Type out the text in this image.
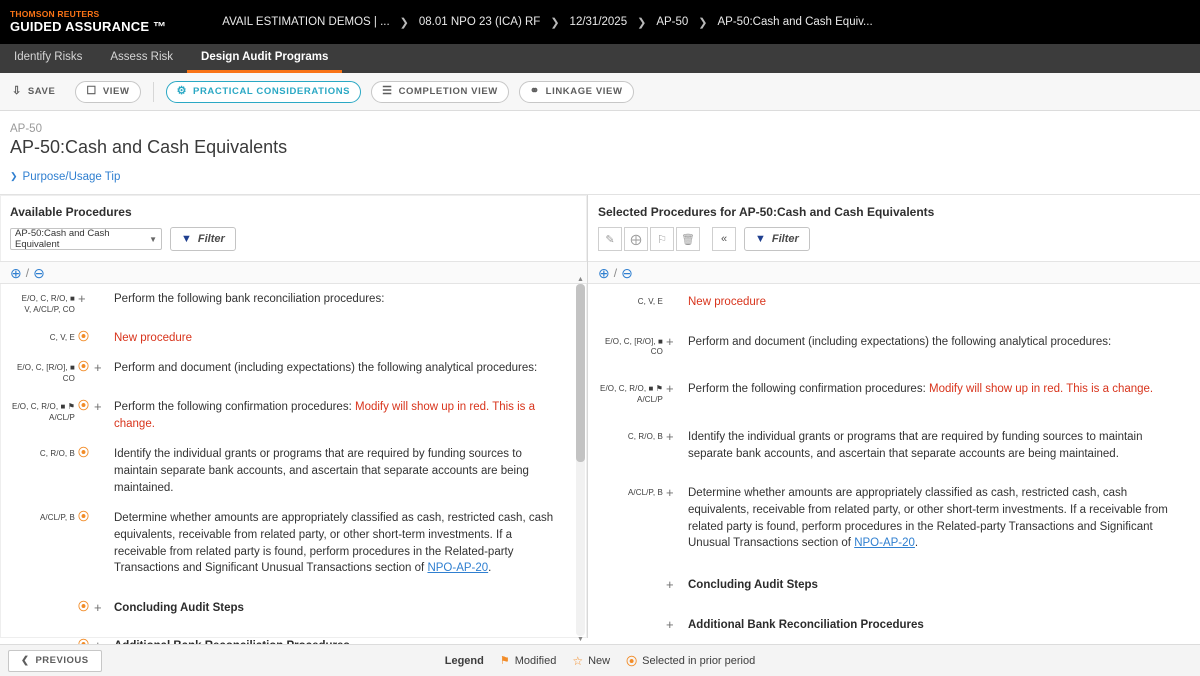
THOMSON REUTERS
GUIDED ASSURANCE ™	AVAIL ESTIMATION DEMOS | ... ❯ 08.01 NPO 23 (ICA) RF ❯ 12/31/2025 ❯ AP-50 ❯ AP-50:Cash and Cash Equiv...
Identify Risks	Assess Risk	Design Audit Programs
⇩ SAVE	☐ VIEW	⚙ PRACTICAL CONSIDERATIONS	☰ COMPLETION VIEW	⚭ LINKAGE VIEW
AP-50
AP-50:Cash and Cash Equivalents
❯ Purpose/Usage Tip
Available Procedures
AP-50:Cash and Cash Equivalent	▼ ▼ Filter
⊕ / ⊖
E/O, C, R/O, ■
V, A/CL/P, CO
+ Perform the following bank reconciliation procedures:
C, V, E ⦿ New procedure
E/O, C, [R/O], ■
CO
⦿ + Perform and document (including expectations) the following analytical procedures:
E/O, C, R/O, ■ ⚑
A/CL/P
⦿ + Perform the following confirmation procedures: Modify will show up in red. This is a change.
C, R/O, B ⦿ Identify the individual grants or programs that are required by funding sources to maintain separate bank accounts, and ascertain that separate accounts are being maintained.
A/CL/P, B ⦿ Determine whether amounts are appropriately classified as cash, restricted cash, cash equivalents, receivable from related party, or other short-term investments. If a receivable from related party is found, perform procedures in the Related-party Transactions and Significant Unusual Transactions section of NPO-AP-20.
⦿ + Concluding Audit Steps
▲
▼
Selected Procedures for AP-50:Cash and Cash Equivalents
✎	⨁	⚐	🗑	«	▼ Filter
⊕ / ⊖
C, V, E New procedure
E/O, C, [R/O], ■
CO
+ Perform and document (including expectations) the following analytical procedures:
E/O, C, R/O, ■ ⚑
A/CL/P
+ Perform the following confirmation procedures: Modify will show up in red. This is a change.
C, R/O, B + Identify the individual grants or programs that are required by funding sources to maintain separate bank accounts, and ascertain that separate accounts are being maintained.
A/CL/P, B + Determine whether amounts are appropriately classified as cash, restricted cash, cash equivalents, receivable from related party, or other short-term investments. If a receivable from related party is found, perform procedures in the Related-party Transactions and Significant Unusual Transactions section of NPO-AP-20.
+ Concluding Audit Steps
+ Additional Bank Reconciliation Procedures
❮ PREVIOUS	Legend ⚑ Modified ☆ New ⦿ Selected in prior period
